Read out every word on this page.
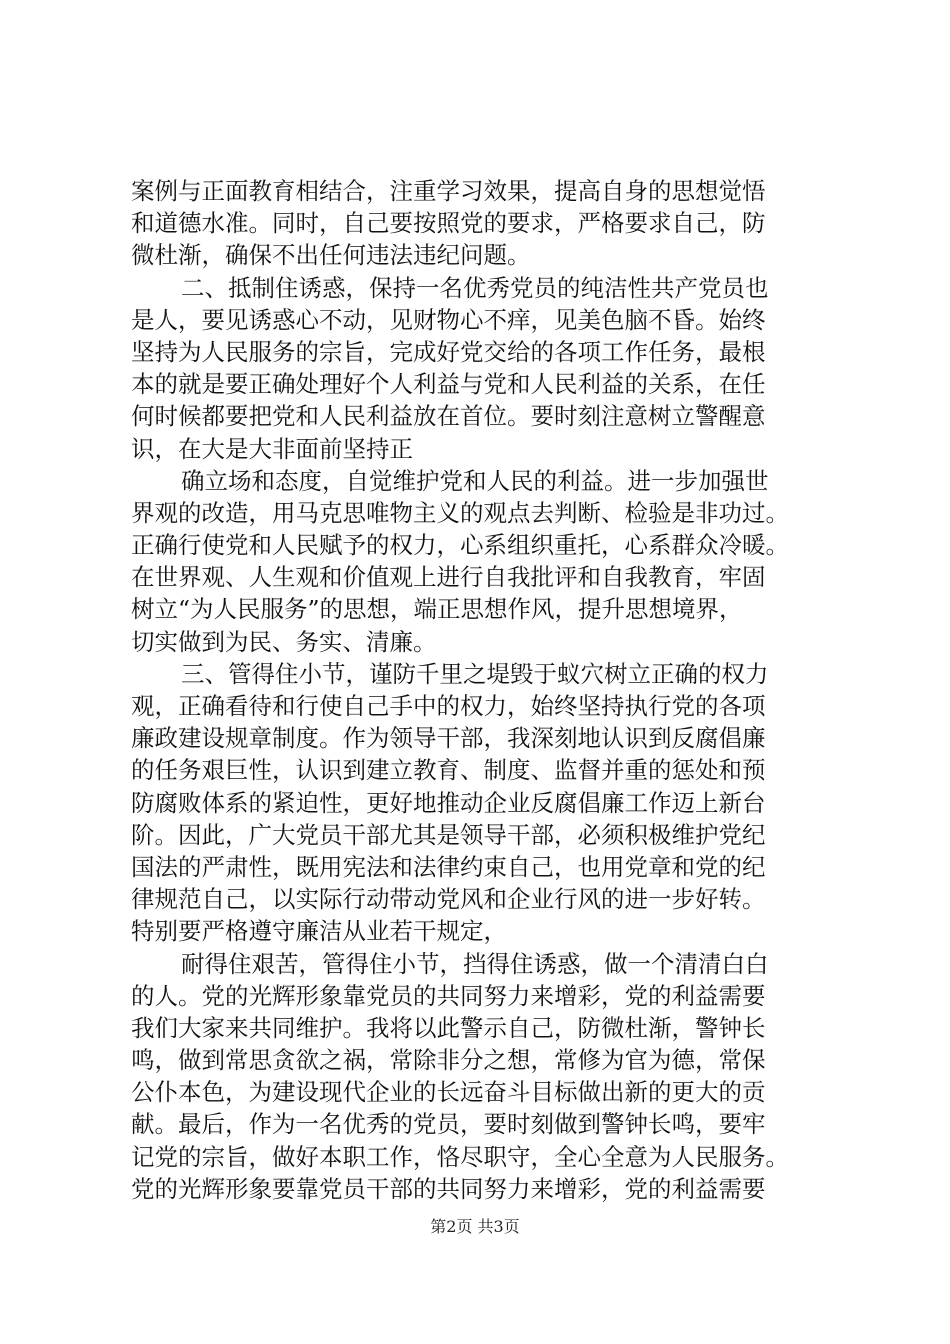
案例与正面教育相结合，注重学习效果，提高自身的思想觉悟
和道德水准。同时，自己要按照党的要求，严格要求自己，防
微杜渐，确保不出任何违法违纪问题。
二、抵制住诱惑，保持一名优秀党员的纯洁性共产党员也
是人，要见诱惑心不动，见财物心不痒，见美色脑不昏。始终
坚持为人民服务的宗旨，完成好党交给的各项工作任务，最根
本的就是要正确处理好个人利益与党和人民利益的关系，在任
何时候都要把党和人民利益放在首位。要时刻注意树立警醒意
识，在大是大非面前坚持正
确立场和态度，自觉维护党和人民的利益。进一步加强世
界观的改造，用马克思唯物主义的观点去判断、检验是非功过。
正确行使党和人民赋予的权力，心系组织重托，心系群众冷暖。
在世界观、人生观和价值观上进行自我批评和自我教育，牢固
树立“为人民服务”的思想，端正思想作风，提升思想境界，
切实做到为民、务实、清廉。
三、管得住小节，谨防千里之堤毁于蚁穴树立正确的权力
观，正确看待和行使自己手中的权力，始终坚持执行党的各项
廉政建设规章制度。作为领导干部，我深刻地认识到反腐倡廉
的任务艰巨性，认识到建立教育、制度、监督并重的惩处和预
防腐败体系的紧迫性，更好地推动企业反腐倡廉工作迈上新台
阶。因此，广大党员干部尤其是领导干部，必须积极维护党纪
国法的严肃性，既用宪法和法律约束自己，也用党章和党的纪
律规范自己，以实际行动带动党风和企业行风的进一步好转。
特别要严格遵守廉洁从业若干规定，
耐得住艰苦，管得住小节，挡得住诱惑，做一个清清白白
的人。党的光辉形象靠党员的共同努力来增彩，党的利益需要
我们大家来共同维护。我将以此警示自己，防微杜渐，警钟长
鸣，做到常思贪欲之祸，常除非分之想，常修为官为德，常保
公仆本色，为建设现代企业的长远奋斗目标做出新的更大的贡
献。最后，作为一名优秀的党员，要时刻做到警钟长鸣，要牢
记党的宗旨，做好本职工作，恪尽职守，全心全意为人民服务。
党的光辉形象要靠党员干部的共同努力来增彩，党的利益需要
第2页 共3页
